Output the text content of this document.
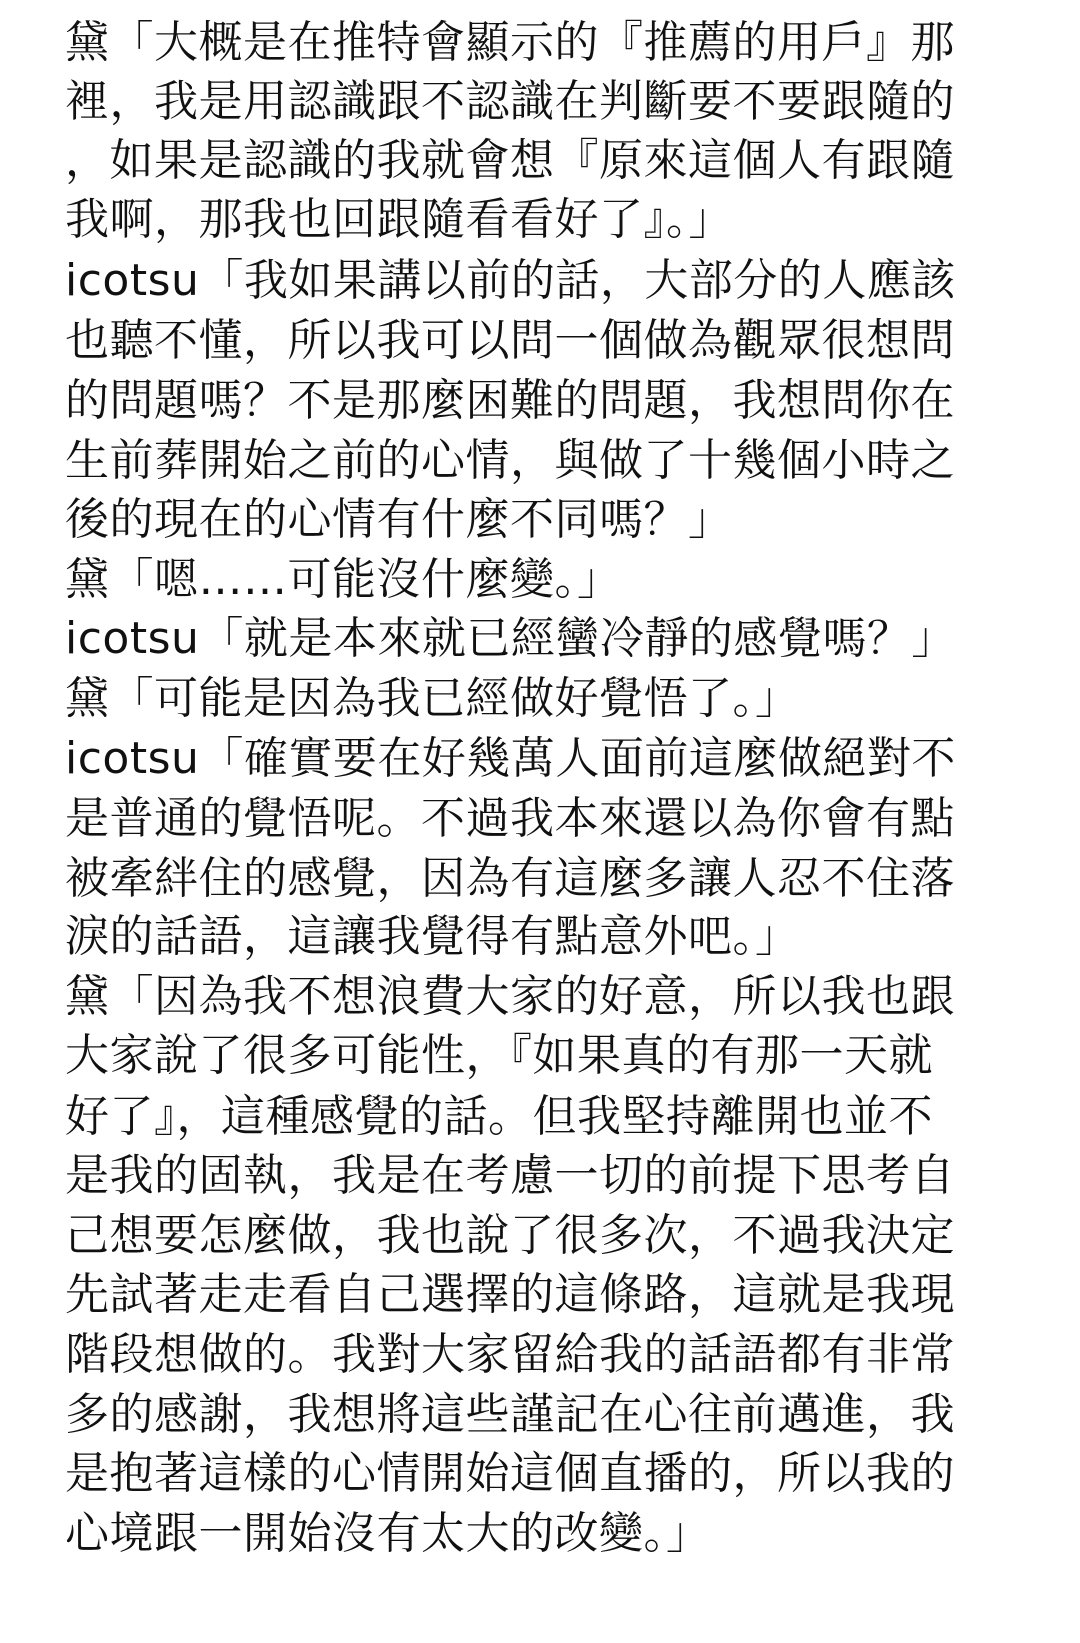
黛「大概是在推特會顯示的『推薦的用戶』那
裡，我是用認識跟不認識在判斷要不要跟隨的
，如果是認識的我就會想『原來這個人有跟隨
我啊，那我也回跟隨看看好了』。」
icotsu「我如果講以前的話，大部分的人應該
也聽不懂，所以我可以問一個做為觀眾很想問
的問題嗎？不是那麼困難的問題，我想問你在
生前葬開始之前的心情，與做了十幾個小時之
後的現在的心情有什麼不同嗎？」
黛「嗯……可能沒什麼變。」
icotsu「就是本來就已經蠻冷靜的感覺嗎？」
黛「可能是因為我已經做好覺悟了。」
icotsu「確實要在好幾萬人面前這麼做絕對不
是普通的覺悟呢。不過我本來還以為你會有點
被牽絆住的感覺，因為有這麼多讓人忍不住落
淚的話語，這讓我覺得有點意外吧。」
黛「因為我不想浪費大家的好意，所以我也跟
大家說了很多可能性，『如果真的有那一天就
好了』，這種感覺的話。但我堅持離開也並不
是我的固執，我是在考慮一切的前提下思考自
己想要怎麼做，我也說了很多次，不過我決定
先試著走走看自己選擇的這條路，這就是我現
階段想做的。我對大家留給我的話語都有非常
多的感謝，我想將這些謹記在心往前邁進，我
是抱著這樣的心情開始這個直播的，所以我的
心境跟一開始沒有太大的改變。」
